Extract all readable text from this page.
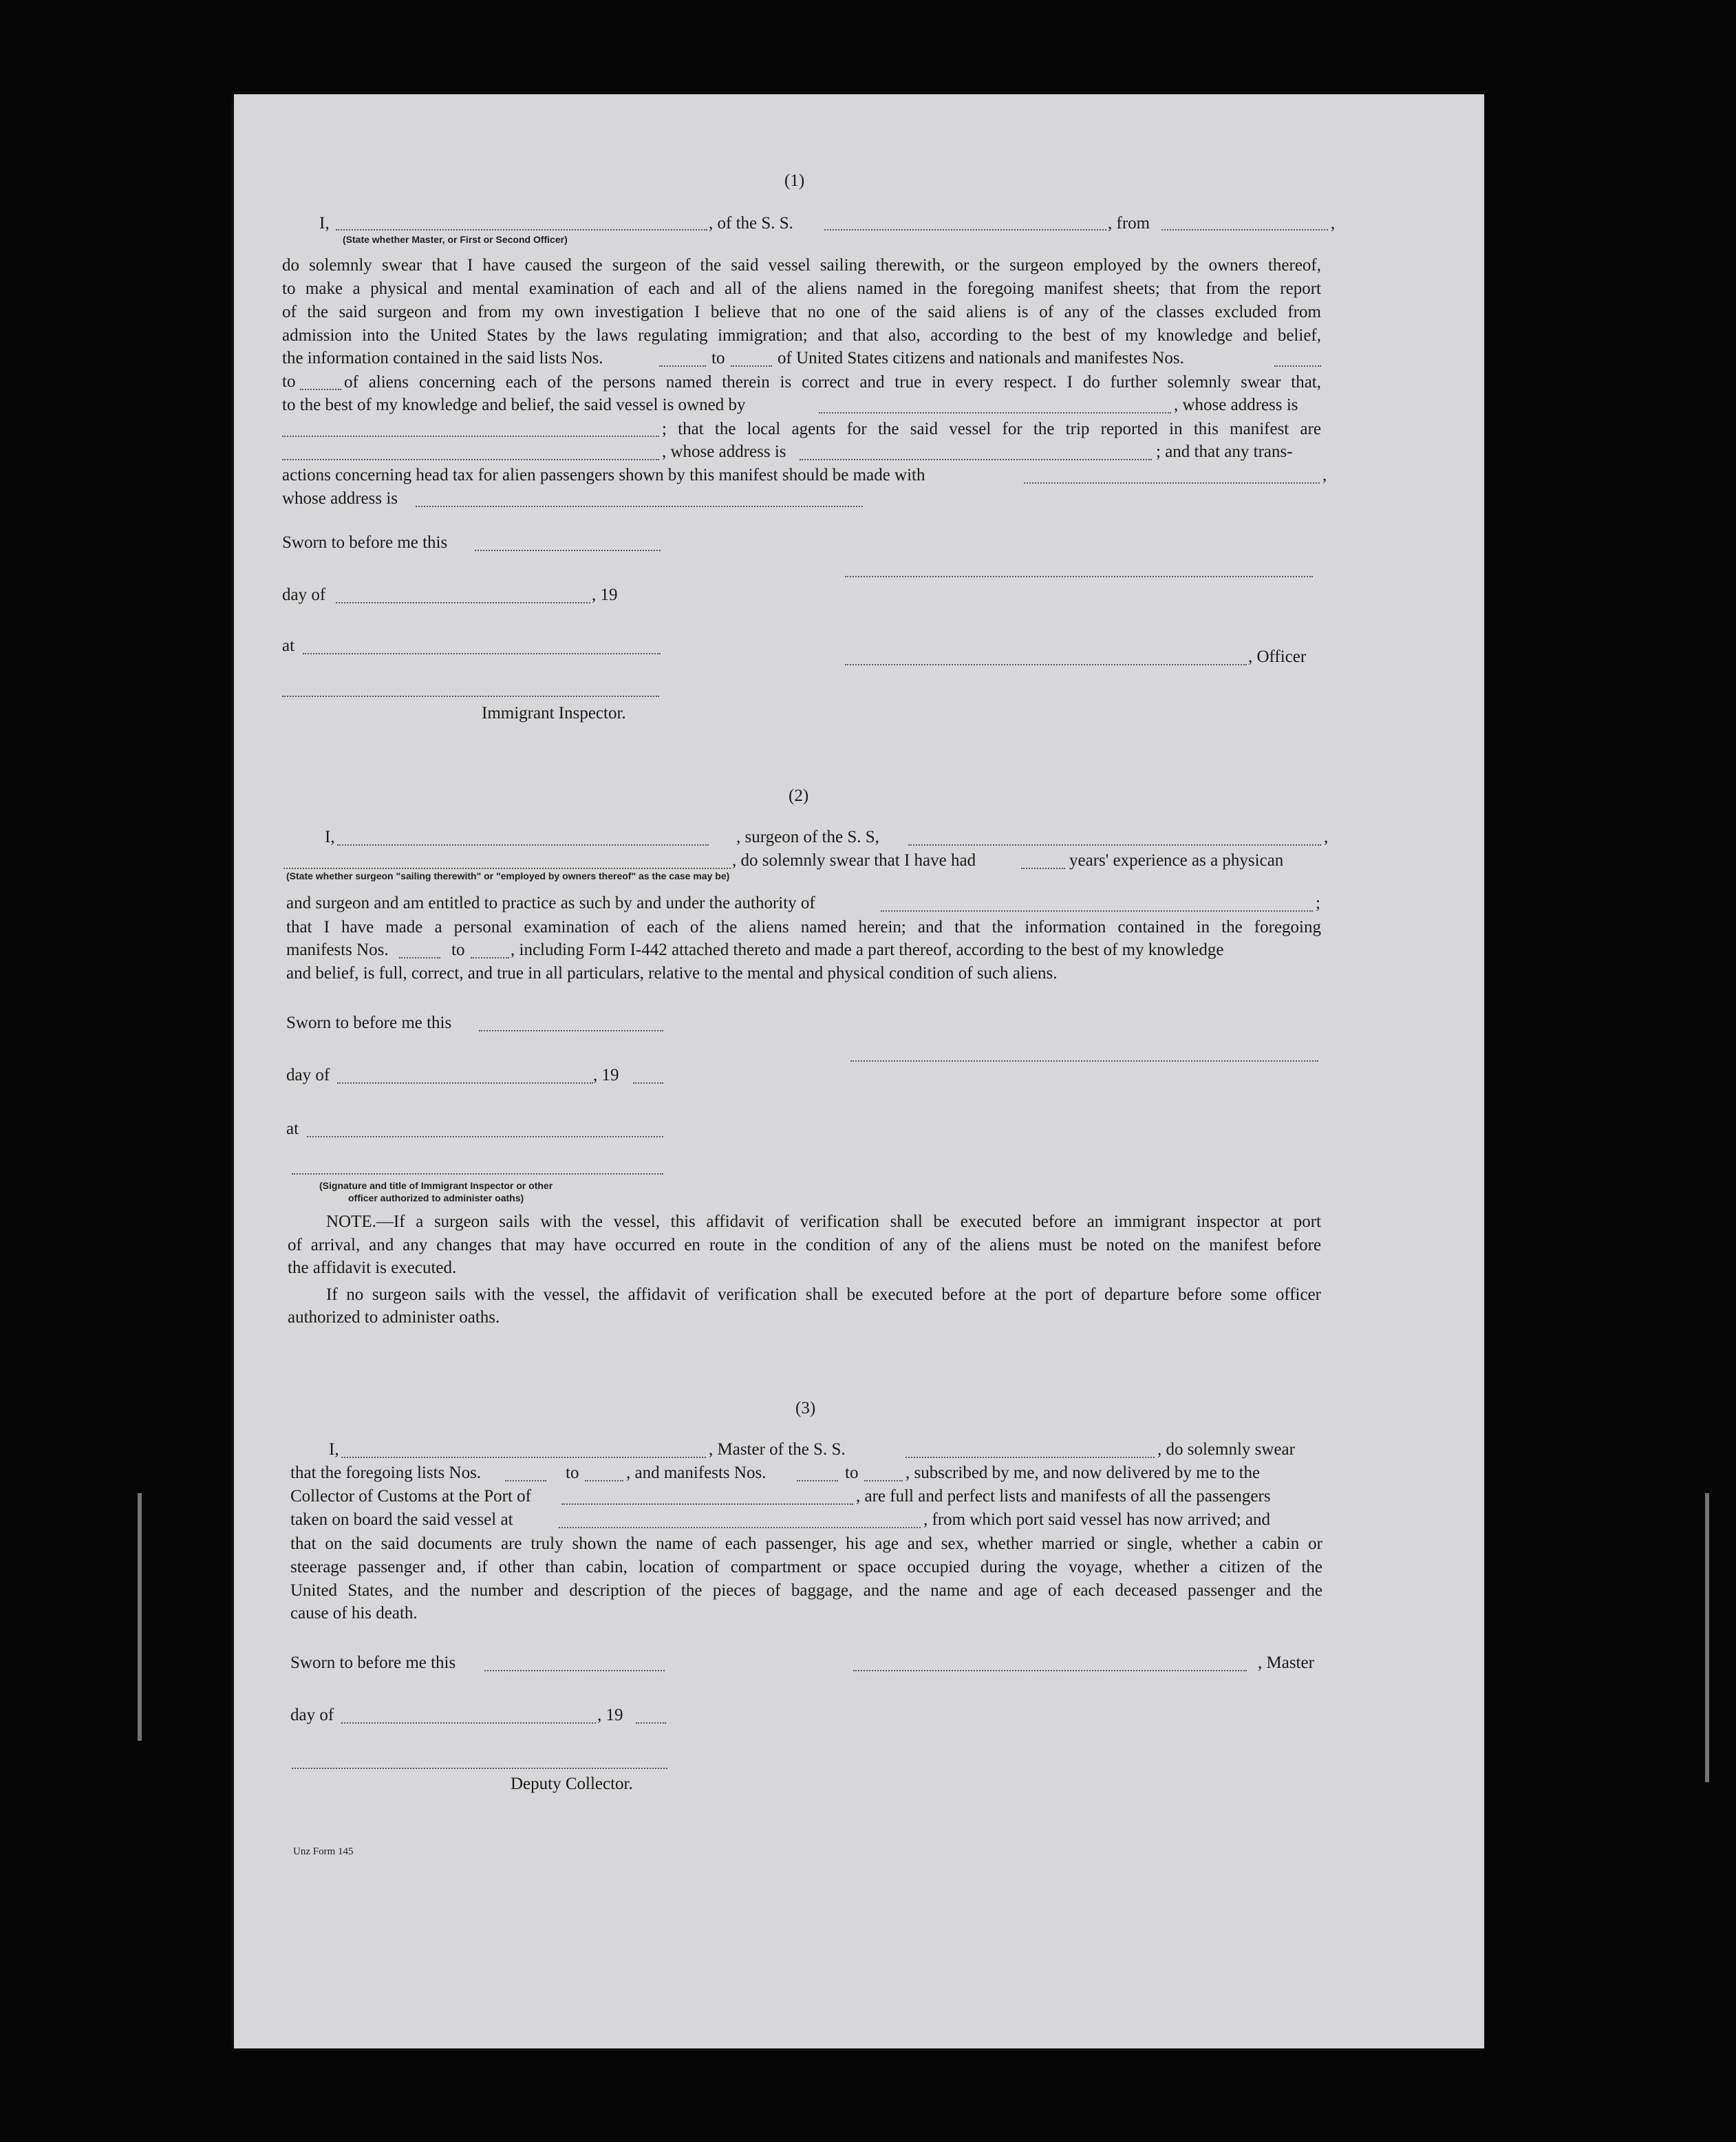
(1)
I,	, of the S. S.	, from	,
(State whether Master, or First or Second Officer)
do solemnly swear that I have caused the surgeon of the said vessel sailing therewith, or the surgeon employed by the owners thereof,
to make a physical and mental examination of each and all of the aliens named in the foregoing manifest sheets; that from the report
of the said surgeon and from my own investigation I believe that no one of the said aliens is of any of the classes excluded from
admission into the United States by the laws regulating immigration; and that also, according to the best of my knowledge and belief,
the information contained in the said lists Nos.	to	of United States citizens and nationals and manifestes Nos.
to	of aliens concerning each of the persons named therein is correct and true in every respect. I do further solemnly swear that,
to the best of my knowledge and belief, the said vessel is owned by	, whose address is
; that the local agents for the said vessel for the trip reported in this manifest are
, whose address is	; and that any trans-
actions concerning head tax for alien passengers shown by this manifest should be made with	,
whose address is
Sworn to before me this
day of	, 19
at
, Officer
Immigrant Inspector.
(2)
I,	, surgeon of the S. S,	,
, do solemnly swear that I have had	years' experience as a physican
(State whether surgeon "sailing therewith" or "employed by owners thereof" as the case may be)
and surgeon and am entitled to practice as such by and under the authority of	;
that I have made a personal examination of each of the aliens named herein; and that the information contained in the foregoing
manifests Nos.	to	, including Form I-442 attached thereto and made a part thereof, according to the best of my knowledge
and belief, is full, correct, and true in all particulars, relative to the mental and physical condition of such aliens.
Sworn to before me this
day of	, 19
at
(Signature and title of Immigrant Inspector or other
officer authorized to administer oaths)
NOTE.—If a surgeon sails with the vessel, this affidavit of verification shall be executed before an immigrant inspector at port
of arrival, and any changes that may have occurred en route in the condition of any of the aliens must be noted on the manifest before
the affidavit is executed.
If no surgeon sails with the vessel, the affidavit of verification shall be executed before at the port of departure before some officer
authorized to administer oaths.
(3)
I,	, Master of the S. S.	, do solemnly swear
that the foregoing lists Nos.	to	, and manifests Nos.	to	, subscribed by me, and now delivered by me to the
Collector of Customs at the Port of	, are full and perfect lists and manifests of all the passengers
taken on board the said vessel at	, from which port said vessel has now arrived; and
that on the said documents are truly shown the name of each passenger, his age and sex, whether married or single, whether a cabin or
steerage passenger and, if other than cabin, location of compartment or space occupied during the voyage, whether a citizen of the
United States, and the number and description of the pieces of baggage, and the name and age of each deceased passenger and the
cause of his death.
Sworn to before me this	, Master
day of	, 19
Deputy Collector.
Unz Form 145
